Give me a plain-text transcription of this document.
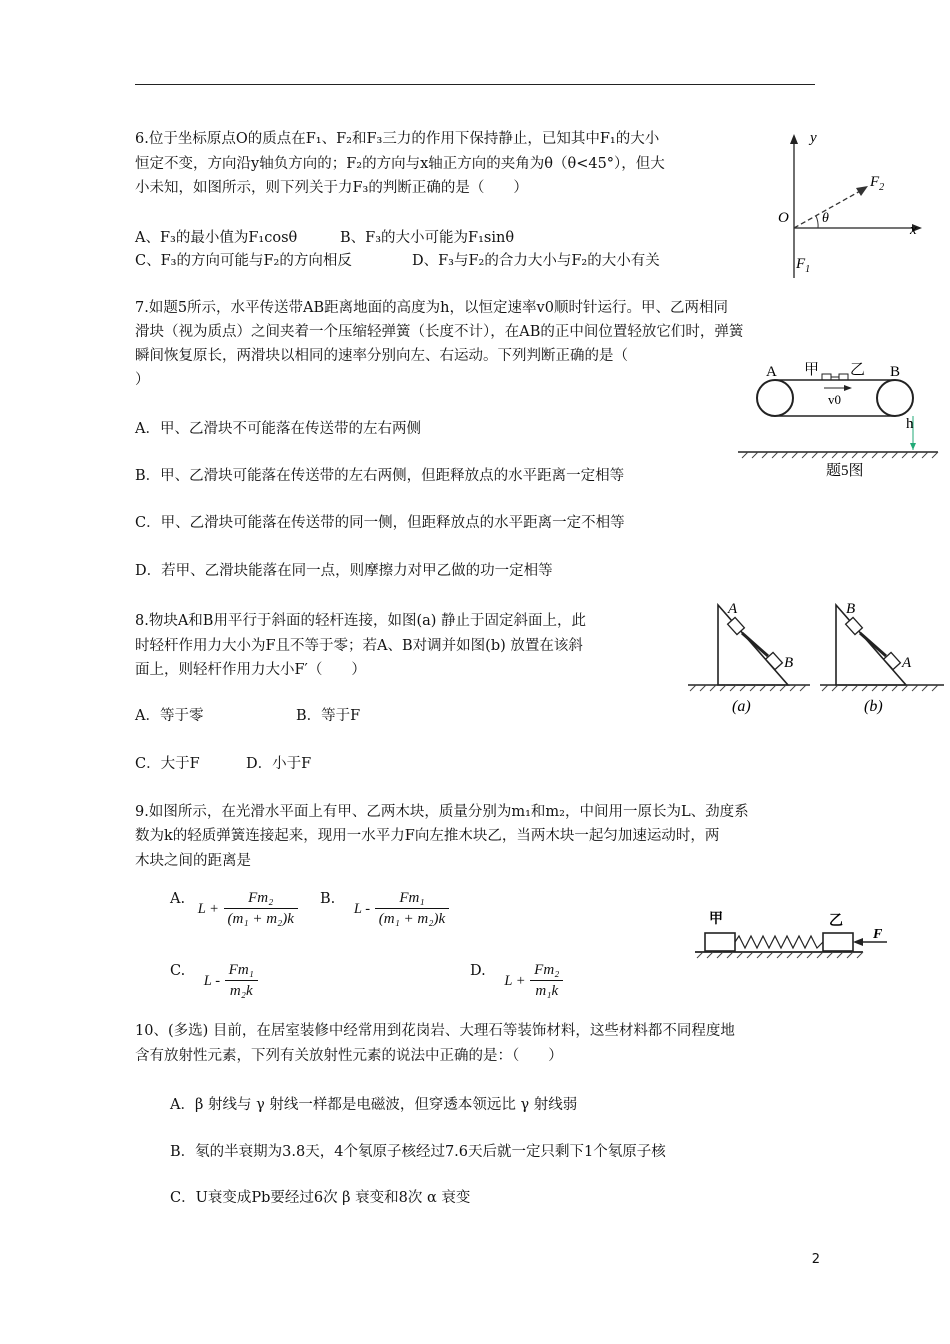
6.位于坐标原点O的质点在F₁、F₂和F₃三力的作用下保持静止，已知其中F₁的大小
恒定不变，方向沿y轴负方向的；F₂的方向与x轴正方向的夹角为θ（θ<45°），但大
小未知，如图所示，则下列关于力F₃的判断正确的是（　　）
A、F₃的最小值为F₁cosθ	B、F₃的大小可能为F₁sinθ
C、F₃的方向可能与F₂的方向相反	D、F₃与F₂的合力大小与F₂的大小有关
y
x
O θ
$F_2$
$F_1$
7.如题5所示，水平传送带AB距离地面的高度为h，以恒定速率v0顺时针运行。甲、乙两相同
滑块（视为质点）之间夹着一个压缩轻弹簧（长度不计），在AB的正中间位置轻放它们时，弹簧
瞬间恢复原长，两滑块以相同的速率分别向左、右运动。下列判断正确的是（
）
A．甲、乙滑块不可能落在传送带的左右两侧
B．甲、乙滑块可能落在传送带的左右两侧，但距释放点的水平距离一定相等
C．甲、乙滑块可能落在传送带的同一侧，但距释放点的水平距离一定不相等
D．若甲、乙滑块能落在同一点，则摩擦力对甲乙做的功一定相等
A	B
甲 乙
v0
h
题5图
8.物块A和B用平行于斜面的轻杆连接，如图(a) 静止于固定斜面上，此
时轻杆作用力大小为F且不等于零；若A、B对调并如图(b) 放置在该斜
面上，则轻杆作用力大小F′（　　）
A．等于零	B．等于F
C．大于F	D．小于F
A
B
(a)
B
A
(b)
9.如图所示，在光滑水平面上有甲、乙两木块，质量分别为m₁和m₂，中间用一原长为L、劲度系
数为k的轻质弹簧连接起来，现用一水平力F向左推木块乙，当两木块一起匀加速运动时，两
木块之间的距离是
A. $L + \frac{\text{Fm₂}}{\text{(m₁ + m₂)k}} B$. L - $\frac{\text{Fm₁}}{\text{(m₁ + m₂)k}}$
C. L - $\frac{\text{Fm₁}}{\text{m₂k}}$	D. $L + \frac{\text{Fm₂}}{\text{m₁k}}$
甲	乙
F
10、(多选) 目前，在居室装修中经常用到花岗岩、大理石等装饰材料，这些材料都不同程度地
含有放射性元素，下列有关放射性元素的说法中正确的是：（　　）
A．β 射线与 γ 射线一样都是电磁波，但穿透本领远比 γ 射线弱
B．氡的半衰期为3.8天，4个氡原子核经过7.6天后就一定只剩下1个氡原子核
C．U衰变成Pb要经过6次 β 衰变和8次 α 衰变
2
